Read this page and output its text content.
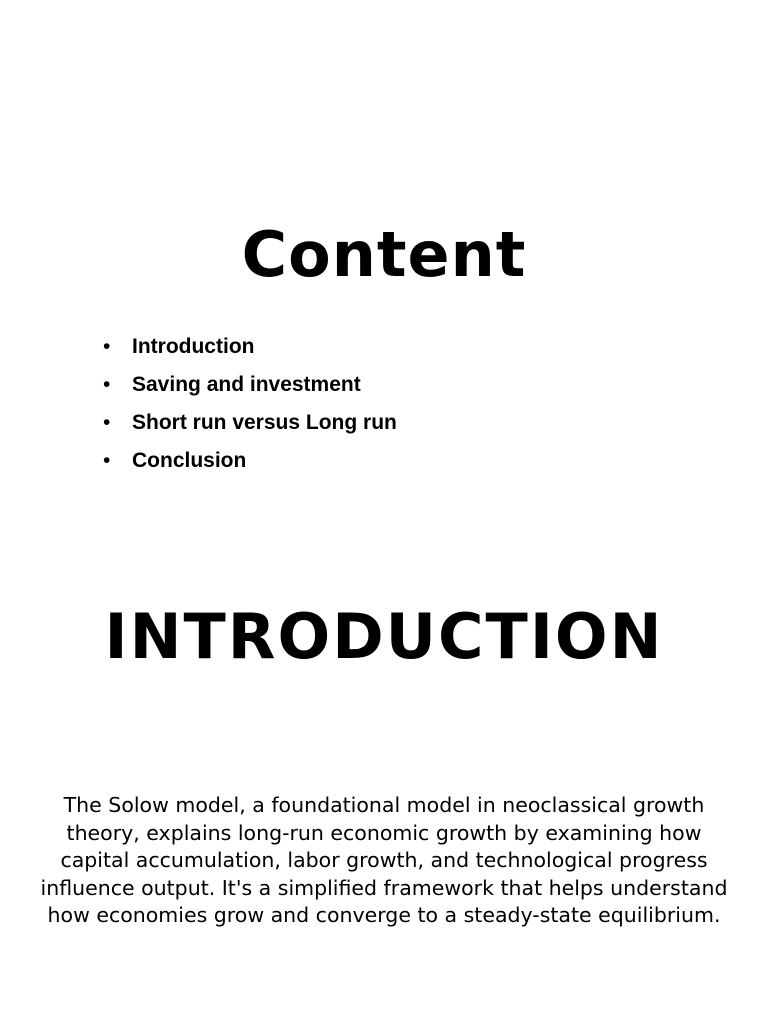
Content
• Introduction
• Saving and investment
• Short run versus Long run
• Conclusion
INTRODUCTION

The Solow model, a foundational model in neoclassical growth theory, explains long-run economic growth by examining how capital accumulation, labor growth, and technological progress influence output. It's a simplified framework that helps understand how economies grow and converge to a steady-state equilibrium.
